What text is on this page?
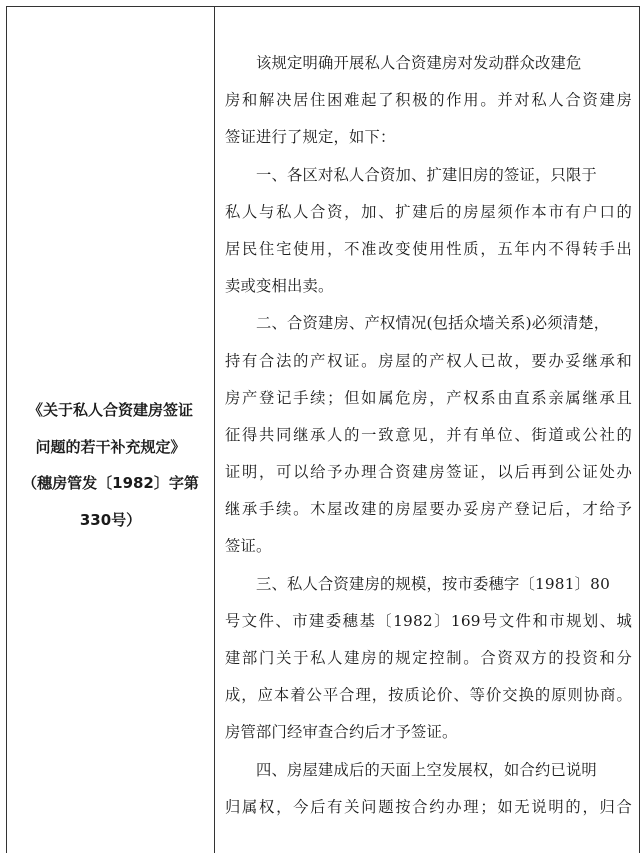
《关于私人合资建房签证
问题的若干补充规定》
（穗房管发〔1982〕字第
330号）
该规定明确开展私人合资建房对发动群众改建危
房和解决居住困难起了积极的作用。并对私人合资建房
签证进行了规定，如下：
一、各区对私人合资加、扩建旧房的签证，只限于
私人与私人合资，加、扩建后的房屋须作本市有户口的
居民住宅使用，不准改变使用性质，五年内不得转手出
卖或变相出卖。
二、合资建房、产权情况(包括众墙关系)必须清楚，
持有合法的产权证。房屋的产权人已故，要办妥继承和
房产登记手续；但如属危房，产权系由直系亲属继承且
征得共同继承人的一致意见，并有单位、街道或公社的
证明，可以给予办理合资建房签证，以后再到公证处办
继承手续。木屋改建的房屋要办妥房产登记后，才给予
签证。
三、私人合资建房的规模，按市委穗字〔1981〕80
号文件、市建委穗基〔1982〕169号文件和市规划、城
建部门关于私人建房的规定控制。合资双方的投资和分
成，应本着公平合理，按质论价、等价交换的原则协商。
房管部门经审查合约后才予签证。
四、房屋建成后的天面上空发展权，如合约已说明
归属权，今后有关问题按合约办理；如无说明的，归合
